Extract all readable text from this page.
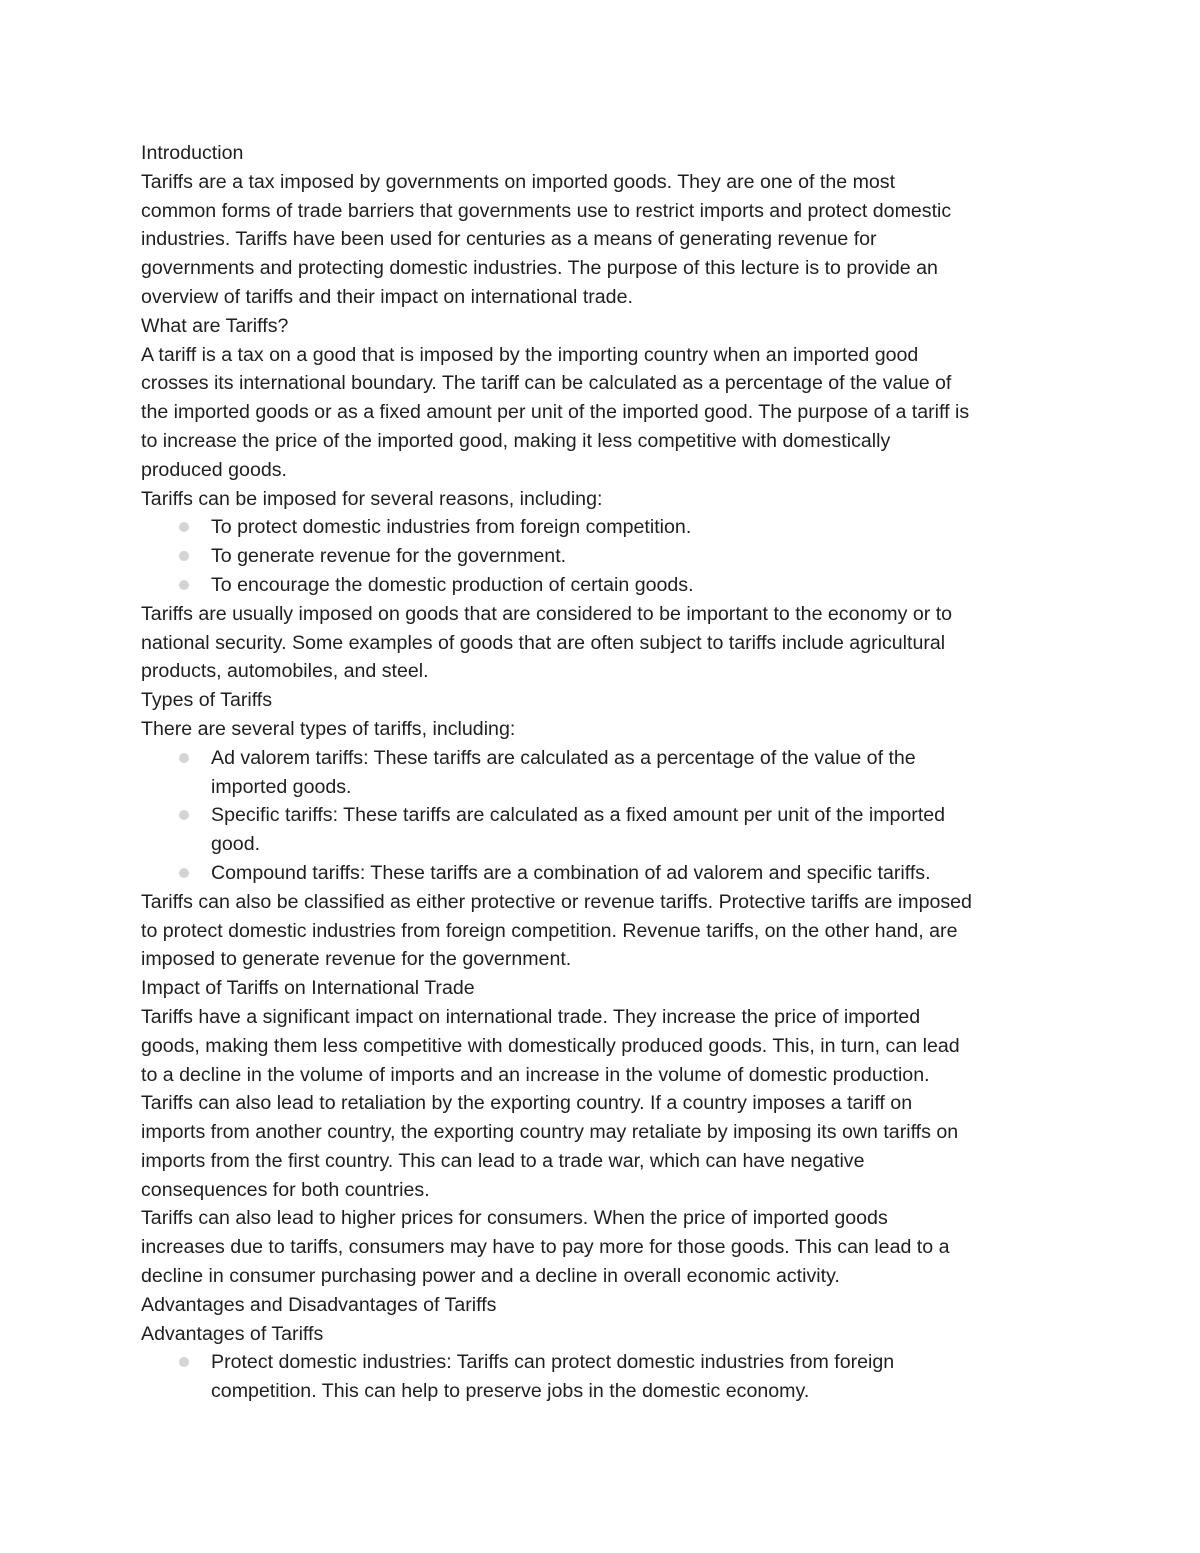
Introduction
Tariffs are a tax imposed by governments on imported goods. They are one of the most
common forms of trade barriers that governments use to restrict imports and protect domestic
industries. Tariffs have been used for centuries as a means of generating revenue for
governments and protecting domestic industries. The purpose of this lecture is to provide an
overview of tariffs and their impact on international trade.
What are Tariffs?
A tariff is a tax on a good that is imposed by the importing country when an imported good
crosses its international boundary. The tariff can be calculated as a percentage of the value of
the imported goods or as a fixed amount per unit of the imported good. The purpose of a tariff is
to increase the price of the imported good, making it less competitive with domestically
produced goods.
Tariffs can be imposed for several reasons, including:
To protect domestic industries from foreign competition.
To generate revenue for the government.
To encourage the domestic production of certain goods.
Tariffs are usually imposed on goods that are considered to be important to the economy or to
national security. Some examples of goods that are often subject to tariffs include agricultural
products, automobiles, and steel.
Types of Tariffs
There are several types of tariffs, including:
Ad valorem tariffs: These tariffs are calculated as a percentage of the value of the
imported goods.
Specific tariffs: These tariffs are calculated as a fixed amount per unit of the imported
good.
Compound tariffs: These tariffs are a combination of ad valorem and specific tariffs.
Tariffs can also be classified as either protective or revenue tariffs. Protective tariffs are imposed
to protect domestic industries from foreign competition. Revenue tariffs, on the other hand, are
imposed to generate revenue for the government.
Impact of Tariffs on International Trade
Tariffs have a significant impact on international trade. They increase the price of imported
goods, making them less competitive with domestically produced goods. This, in turn, can lead
to a decline in the volume of imports and an increase in the volume of domestic production.
Tariffs can also lead to retaliation by the exporting country. If a country imposes a tariff on
imports from another country, the exporting country may retaliate by imposing its own tariffs on
imports from the first country. This can lead to a trade war, which can have negative
consequences for both countries.
Tariffs can also lead to higher prices for consumers. When the price of imported goods
increases due to tariffs, consumers may have to pay more for those goods. This can lead to a
decline in consumer purchasing power and a decline in overall economic activity.
Advantages and Disadvantages of Tariffs
Advantages of Tariffs
Protect domestic industries: Tariffs can protect domestic industries from foreign
competition. This can help to preserve jobs in the domestic economy.
